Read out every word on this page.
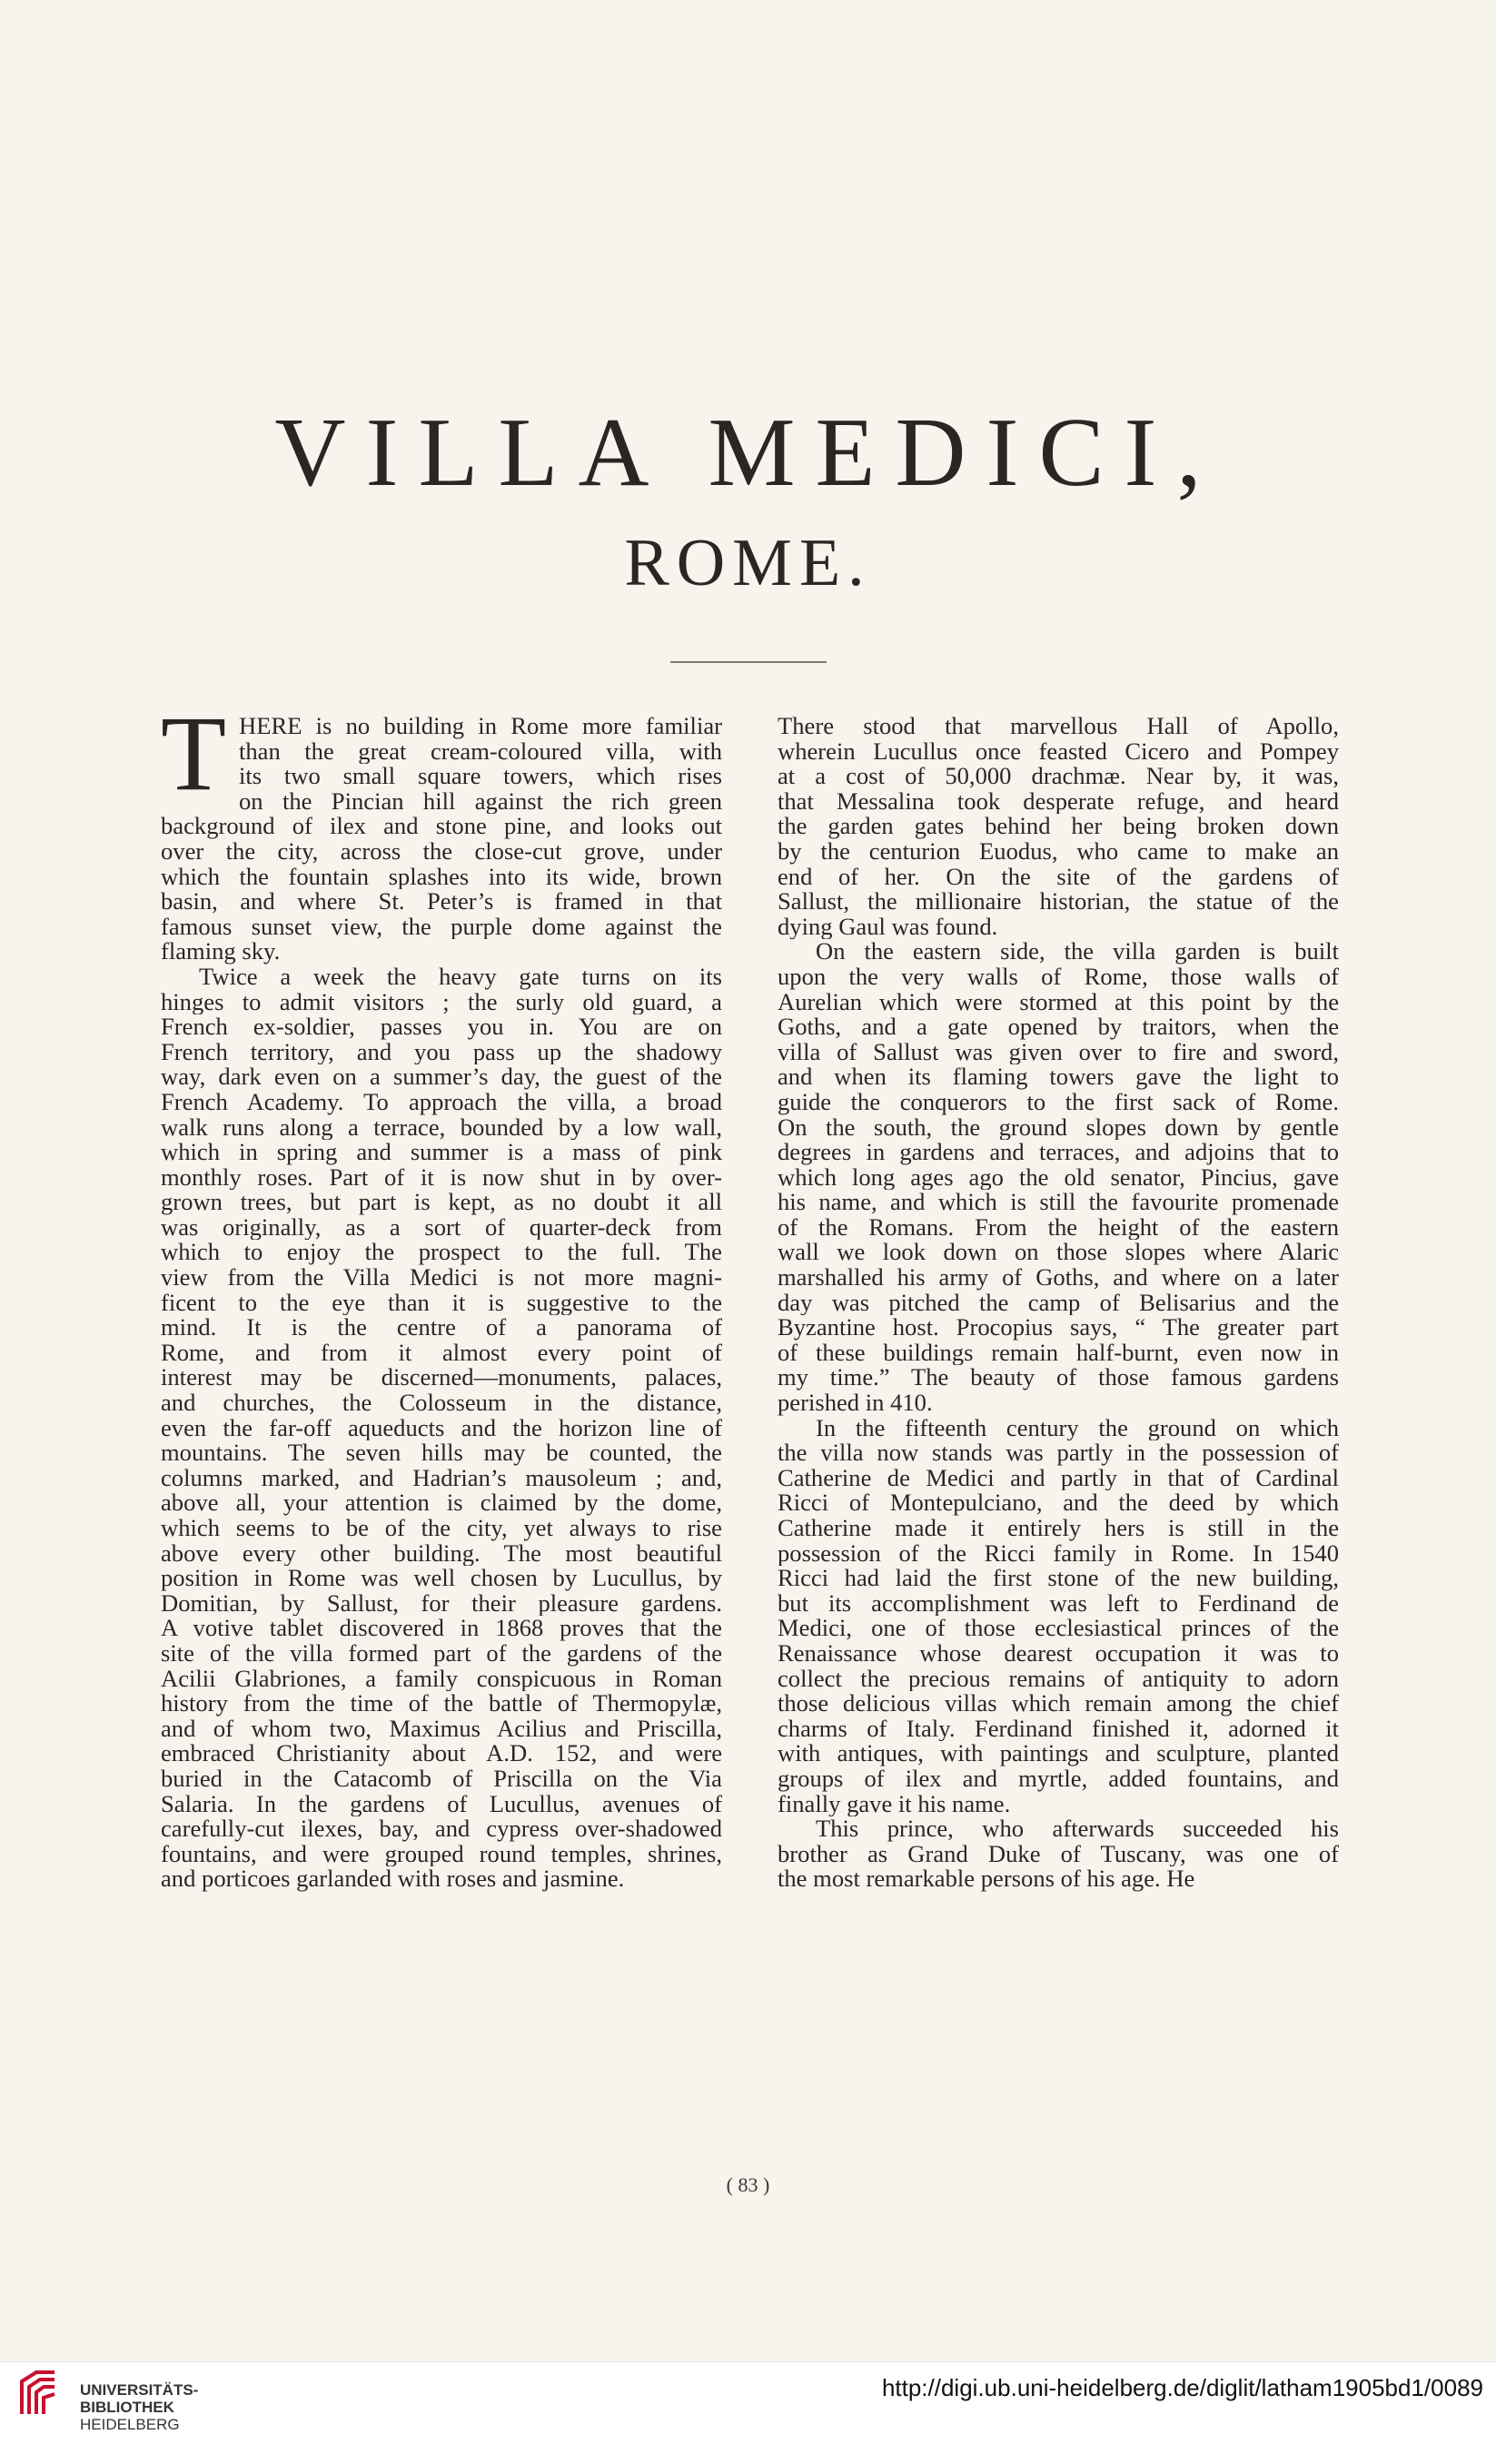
VILLA MEDICI,
ROME.
T HERE is no building in Rome more familiar
than the great cream-coloured villa, with
its two small square towers, which rises
on the Pincian hill against the rich green
background of ilex and stone pine, and looks out
over the city, across the close-cut grove, under
which the fountain splashes into its wide, brown
basin, and where St. Peter’s is framed in that
famous sunset view, the purple dome against the
flaming sky.
Twice a week the heavy gate turns on its
hinges to admit visitors ; the surly old guard, a
French ex-soldier, passes you in. You are on
French territory, and you pass up the shadowy
way, dark even on a summer’s day, the guest of the
French Academy. To approach the villa, a broad
walk runs along a terrace, bounded by a low wall,
which in spring and summer is a mass of pink
monthly roses. Part of it is now shut in by over-
grown trees, but part is kept, as no doubt it all
was originally, as a sort of quarter-deck from
which to enjoy the prospect to the full. The
view from the Villa Medici is not more magni-
ficent to the eye than it is suggestive to the
mind. It is the centre of a panorama of
Rome, and from it almost every point of
interest may be discerned—monuments, palaces,
and churches, the Colosseum in the distance,
even the far-off aqueducts and the horizon line of
mountains. The seven hills may be counted, the
columns marked, and Hadrian’s mausoleum ; and,
above all, your attention is claimed by the dome,
which seems to be of the city, yet always to rise
above every other building. The most beautiful
position in Rome was well chosen by Lucullus, by
Domitian, by Sallust, for their pleasure gardens.
A votive tablet discovered in 1868 proves that the
site of the villa formed part of the gardens of the
Acilii Glabriones, a family conspicuous in Roman
history from the time of the battle of Thermopylæ,
and of whom two, Maximus Acilius and Priscilla,
embraced Christianity about A.D. 152, and were
buried in the Catacomb of Priscilla on the Via
Salaria. In the gardens of Lucullus, avenues of
carefully-cut ilexes, bay, and cypress over-shadowed
fountains, and were grouped round temples, shrines,
and porticoes garlanded with roses and jasmine.
There stood that marvellous Hall of Apollo,
wherein Lucullus once feasted Cicero and Pompey
at a cost of 50,000 drachmæ. Near by, it was,
that Messalina took desperate refuge, and heard
the garden gates behind her being broken down
by the centurion Euodus, who came to make an
end of her. On the site of the gardens of
Sallust, the millionaire historian, the statue of the
dying Gaul was found.
On the eastern side, the villa garden is built
upon the very walls of Rome, those walls of
Aurelian which were stormed at this point by the
Goths, and a gate opened by traitors, when the
villa of Sallust was given over to fire and sword,
and when its flaming towers gave the light to
guide the conquerors to the first sack of Rome.
On the south, the ground slopes down by gentle
degrees in gardens and terraces, and adjoins that to
which long ages ago the old senator, Pincius, gave
his name, and which is still the favourite promenade
of the Romans. From the height of the eastern
wall we look down on those slopes where Alaric
marshalled his army of Goths, and where on a later
day was pitched the camp of Belisarius and the
Byzantine host. Procopius says, “ The greater part
of these buildings remain half-burnt, even now in
my time.” The beauty of those famous gardens
perished in 410.
In the fifteenth century the ground on which
the villa now stands was partly in the possession of
Catherine de Medici and partly in that of Cardinal
Ricci of Montepulciano, and the deed by which
Catherine made it entirely hers is still in the
possession of the Ricci family in Rome. In 1540
Ricci had laid the first stone of the new building,
but its accomplishment was left to Ferdinand de
Medici, one of those ecclesiastical princes of the
Renaissance whose dearest occupation it was to
collect the precious remains of antiquity to adorn
those delicious villas which remain among the chief
charms of Italy. Ferdinand finished it, adorned it
with antiques, with paintings and sculpture, planted
groups of ilex and myrtle, added fountains, and
finally gave it his name.
This prince, who afterwards succeeded his
brother as Grand Duke of Tuscany, was one of
the most remarkable persons of his age. He
( 83 )
UNIVERSITÄTS-
BIBLIOTHEK
HEIDELBERG
http://digi.ub.uni-heidelberg.de/diglit/latham1905bd1/0089
